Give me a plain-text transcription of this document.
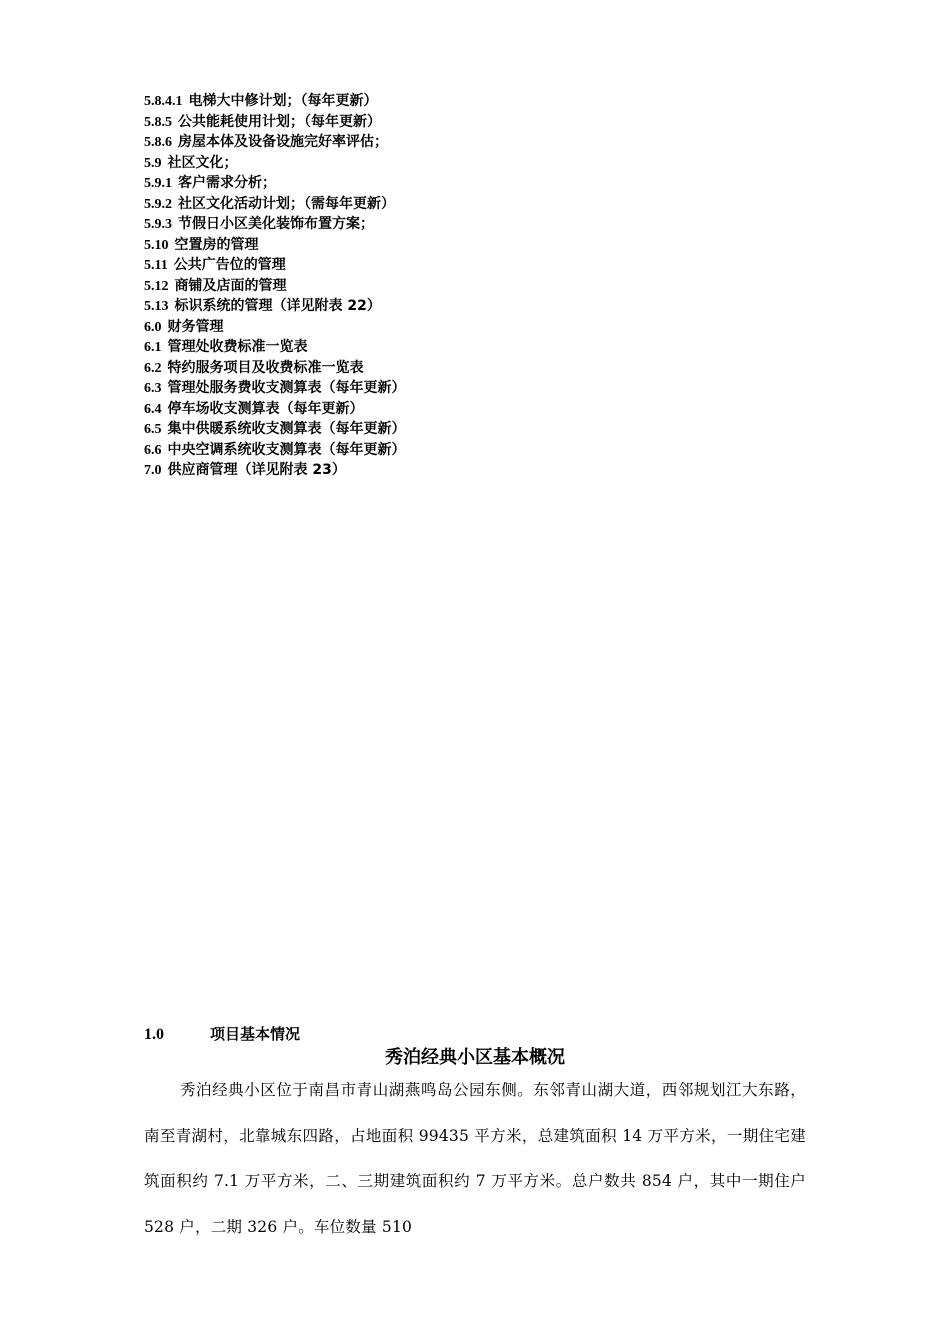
5.8.4.1 电梯大中修计划；（每年更新）
5.8.5 公共能耗使用计划；（每年更新）
5.8.6 房屋本体及设备设施完好率评估；
5.9 社区文化；
5.9.1 客户需求分析；
5.9.2 社区文化活动计划；（需每年更新）
5.9.3 节假日小区美化装饰布置方案；
5.10 空置房的管理
5.11 公共广告位的管理
5.12 商铺及店面的管理
5.13 标识系统的管理（详见附表 22）
6.0 财务管理
6.1 管理处收费标准一览表
6.2 特约服务项目及收费标准一览表
6.3 管理处服务费收支测算表（每年更新）
6.4 停车场收支测算表（每年更新）
6.5 集中供暖系统收支测算表（每年更新）
6.6 中央空调系统收支测算表（每年更新）
7.0 供应商管理（详见附表 23）
1.0	项目基本情况
秀泊经典小区基本概况
秀泊经典小区位于南昌市青山湖燕鸣岛公园东侧。东邻青山湖大道，西邻规划江大东路，南至青湖村，北靠城东四路，占地面积 99435 平方米，总建筑面积 14 万平方米，一期住宅建筑面积约 7.1 万平方米，二、三期建筑面积约 7 万平方米。总户数共 854 户，其中一期住户 528 户，二期 326 户。车位数量 510
